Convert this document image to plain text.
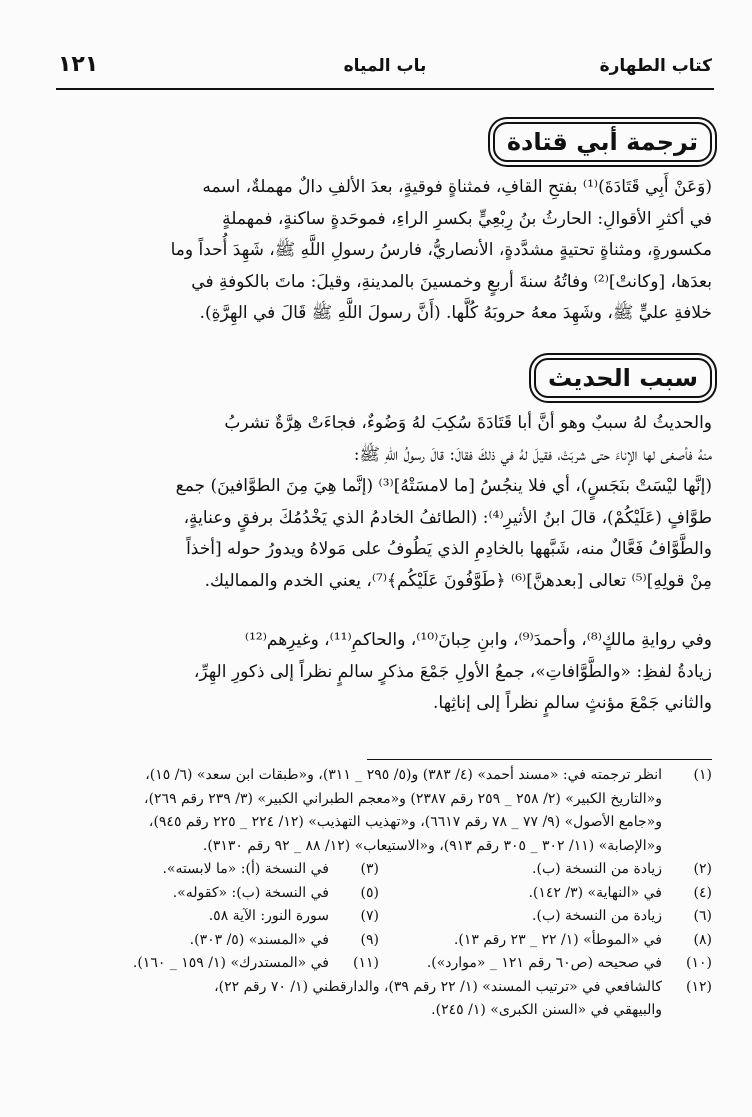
كتاب الطهارة
باب المياه
١٢١
ترجمة أبي قتادة
(وَعَنْ أَبِي قَتَادَةَ)⁽¹⁾ بفتحِ القافِ، فمثناةٍ فوقيةٍ، بعدَ الألفِ دالٌ مهملةٌ، اسمه
في أكثرِ الأقوالِ: الحارثُ بنُ رِبْعِيٍّ بكسرِ الراءِ، فموحَدةٍ ساكنةٍ، فمهملةٍ
مكسورةٍ، ومثناةٍ تحتيةٍ مشدَّدةٍ، الأنصاريُّ، فارسُ رسولِ اللَّهِ ﷺ، شَهِدَ أُحداً وما
بعدَها، [وكانتْ]⁽²⁾ وفاتُهُ سنةَ أربعٍ وخمسينَ بالمدينةِ، وقيلَ: ماتَ بالكوفةِ في
خلافةِ عليٍّ ﷺ، وشَهِدَ معهُ حروبَهُ كُلَّها. (أَنَّ رسولَ اللَّهِ ﷺ قَالَ في الهِرَّةِ).
سبب الحديث
والحديثُ لهُ سببٌ وهو أنَّ أبا قَتَادَةَ سُكِبَ لهُ وَضُوءٌ، فجاءَتْ هِرَّةٌ تشربُ
منهُ فأصغى لها الإناءَ حتى شربَتْ، فقيلَ لهُ في ذلكَ فقالَ: قالَ رسولُ اللهِ ﷺ:
(إنَّها ليْسَتْ بنَجَسٍ)، أي فلا ينجُسُ [ما لامسَتْهُ]⁽³⁾ (إنَّما هِيَ مِنَ الطوَّافينَ) جمع
طوَّافٍ (عَلَيْكُمْ)، قالَ ابنُ الأثيرِ⁽⁴⁾: (الطائفُ الخادمُ الذي يَخْدُمُكَ برفقٍ وعنايةٍ،
والطَّوَّافُ فَعَّالٌ منه، شَبَّهها بالخادِمِ الذي يَطُوفُ على مَولاهُ ويدورُ حوله [أخذاً
مِنْ قولِهِ]⁽⁵⁾ تعالى [بعدهنَّ]⁽⁶⁾ ﴿طَوَّفُونَ عَلَيْكُم﴾⁽⁷⁾، يعني الخدم والمماليك.
وفي روايةِ مالكٍ⁽⁸⁾، وأحمدَ⁽⁹⁾، وابنِ حِبانَ⁽¹⁰⁾، والحاكمِ⁽¹¹⁾، وغيرِهم⁽¹²⁾
زيادةُ لفظِ: «والطَّوَّافاتِ»، جمعُ الأولِ جَمْعَ مذكرٍ سالمٍ نظراً إلى ذكورِ الهِرِّ،
والثاني جَمْعَ مؤنثٍ سالمٍ نظراً إلى إناثِها.
(١)
انظر ترجمته في: «مسند أحمد» (٤/ ٣٨٣) و(٥/ ٢٩٥ _ ٣١١)، و«طبقات ابن سعد» (٦/ ١٥)،
و«التاريخ الكبير» (٢/ ٢٥٨ _ ٢٥٩ رقم ٢٣٨٧) و«معجم الطبراني الكبير» (٣/ ٢٣٩ رقم ٢٦٩)،
و«جامع الأصول» (٩/ ٧٧ _ ٧٨ رقم ٦٦١٧)، و«تهذيب التهذيب» (١٢/ ٢٢٤ _ ٢٢٥ رقم ٩٤٥)،
و«الإصابة» (١١/ ٣٠٢ _ ٣٠٥ رقم ٩١٣)، و«الاستيعاب» (١٢/ ٨٨ _ ٩٢ رقم ٣١٣٠).
(٢)
زيادة من النسخة (ب).
(٣)
في النسخة (أ): «ما لابسته».
(٤)
في «النهاية» (٣/ ١٤٢).
(٥)
في النسخة (ب): «كقوله».
(٦)
زيادة من النسخة (ب).
(٧)
سورة النور: الآية ٥٨.
(٨)
في «الموطأ» (١/ ٢٢ _ ٢٣ رقم ١٣).
(٩)
في «المسند» (٥/ ٣٠٣).
(١٠)
في صحيحه (ص٦٠ رقم ١٢١ _ «موارد»).
(١١)
في «المستدرك» (١/ ١٥٩ _ ١٦٠).
(١٢)
كالشافعي في «ترتيب المسند» (١/ ٢٢ رقم ٣٩)، والدارقطني (١/ ٧٠ رقم ٢٢)،
والبيهقي في «السنن الكبرى» (١/ ٢٤٥).
